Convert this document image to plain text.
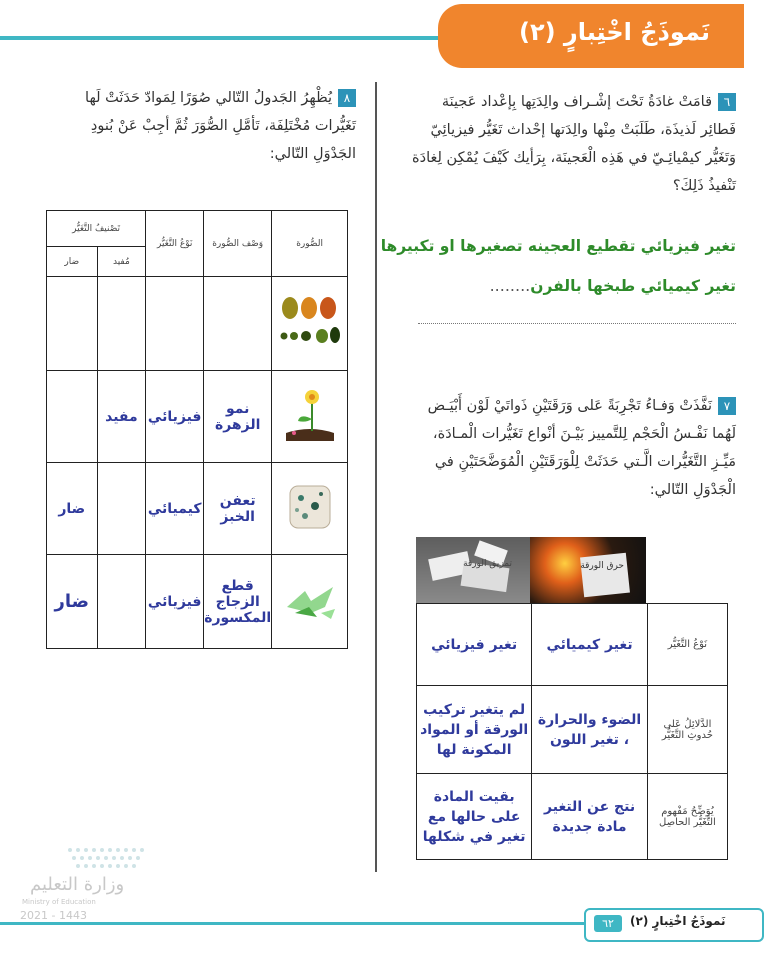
نَموذَجُ اخْتِبارٍ (٢)
٦قامَتْ غادَةُ تَحْتَ إشْـراف والِدَتِها بِإعْداد عَجينَة فَطائِر لَذيذَة، طَلَبَتْ مِنْها والِدَتها إحْداث تَغَيُّر فيزيائِيّ وَتَغَيُّر كيمْيائِـيّ في هَذِه الْعَجينَة، بِرَأيك كَيْفَ يُمْكِن لِغادَة تَنْفيذُ ذَلِكَ؟
تغير فيزيائي تقطيع العجينه تصغيرها او تكبيرها
تغير كيميائي طبخها بالفرن........
٧نَفَّذَتْ وَفـاءُ تَجْرِبَةً عَلى وَرَقَتَيْنِ ذَواتَيْ لَوْن أَبْيَـض لَهُما نَفْـسُ الْحَجْم لِلتَّمييز بَيْـنَ أنْواع تَغَيُّرات الْمـادَة، مَيِّـزِ التَّغَيُّرات الَّـتي حَدَثَتْ لِلْوَرَقَتَيْنِ الْمُوَضَّحَتَيْنِ في الْجَدْوَلِ التّالي:
تمزيق الورقة	حرق الورقة
تغير فيزيائي	تغير كيميائي	نَوْعُ التَّغَيُّر
لم يتغير تركيب الورقة أو المواد المكونة لها	الضوء والحرارة ، تغير اللون	الدَّلائِلُ عَلى حُدوثِ التَّغَيُّر
بقيت المادة على حالها مع تغير في شكلها	نتج عن التغير مادة جديدة	يُوَضِّحُ مَفْهوم التَّغَيُّر الحاصِل
٨يُظْهِرُ الجَدولُ التّالي صُوَرًا لِمَوادّ حَدَثَتْ لَها تَغَيُّرات مُخْتَلِفَة، تَأمَّلِ الصُّوَرَ ثُمَّ أجِبْ عَنْ بُنودِ الجَدْوَلِ التّالي:
تَصْنيفُ التَّغَيُّر		نَوْعُ التَّغَيُّر	وَصْف الصُّورة	الصُّورة
ضار	مُفيد			

	مفيد	فيزيائي	نمو الزهرة	
ضار		كيميائي	تعفن الخبز	
ضار		فيزيائي	قطع الزجاج المكسورة	
وزارة التعليم
Ministry of Education
2021 - 1443
٦٢	نَموذَجُ اخْتِبارٍ (٢)
